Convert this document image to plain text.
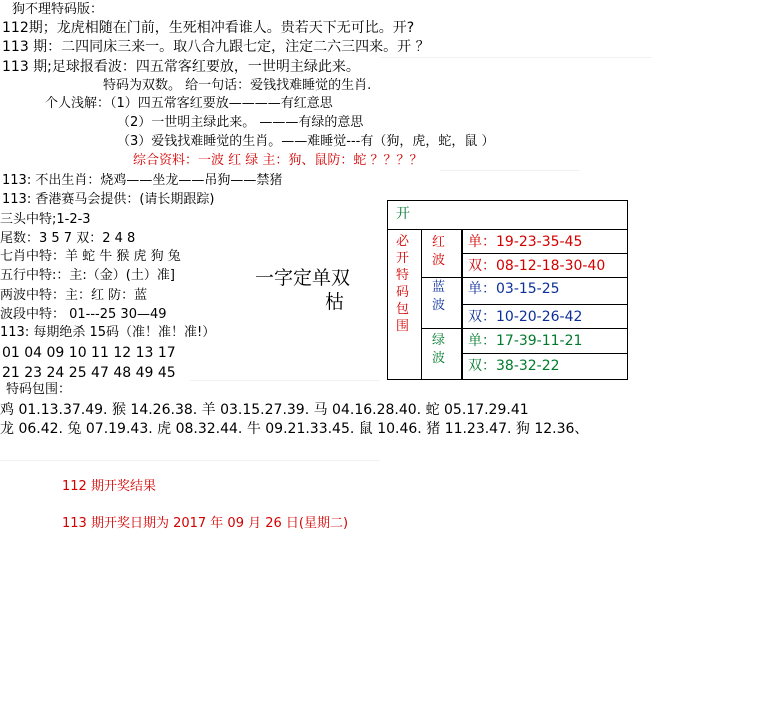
狗不理特码版：
112期；龙虎相随在门前，生死相冲看谁人。贵若天下无可比。开?
113 期：二四同床三来一。取八合九跟七定，注定二六三四来。开 ？
113 期;足球报看波：四五常客红要放，一世明主绿此来。
特码为双数。 给一句话：爱钱找难睡觉的生肖.
个人浅解：（1）四五常客红要放————有红意思
（2）一世明主绿此来。 ———有绿的意思
（3）爱钱找难睡觉的生肖。——难睡觉---有（狗，虎，蛇，鼠 ）
综合资料：一波 红 绿 主：狗、鼠防：蛇 ？？？？
113: 不出生肖：烧鸡——坐龙——吊狗——禁猪
113: 香港赛马会提供：(请长期跟踪)
三头中特;1-2-3
尾数：3 5 7 双：2 4 8
七肖中特：羊 蛇 牛 猴 虎 狗 兔
五行中特:：主:（金）(土）准]
两波中特：主：红 防：蓝
波段中特： 01---25 30—49
113: 每期绝杀 15码（准！准！准!）
01 04 09 10 11 12 13 17
21 23 24 25 47 48 49 45
一字定单双
枯
特码包围：
鸡 01.13.37.49. 猴 14.26.38. 羊 03.15.27.39. 马 04.16.28.40. 蛇 05.17.29.41
龙 06.42. 兔 07.19.43. 虎 08.32.44. 牛 09.21.33.45. 鼠 10.46. 猪 11.23.47. 狗 12.36、
112 期开奖结果
113 期开奖日期为 2017 年 09 月 26 日(星期二)
开
必
开
特
码
包
围
红
波
蓝
波
绿
波
单：19-23-35-45
双：08-12-18-30-40
单：03-15-25
双：10-20-26-42
单：17-39-11-21
双：38-32-22
